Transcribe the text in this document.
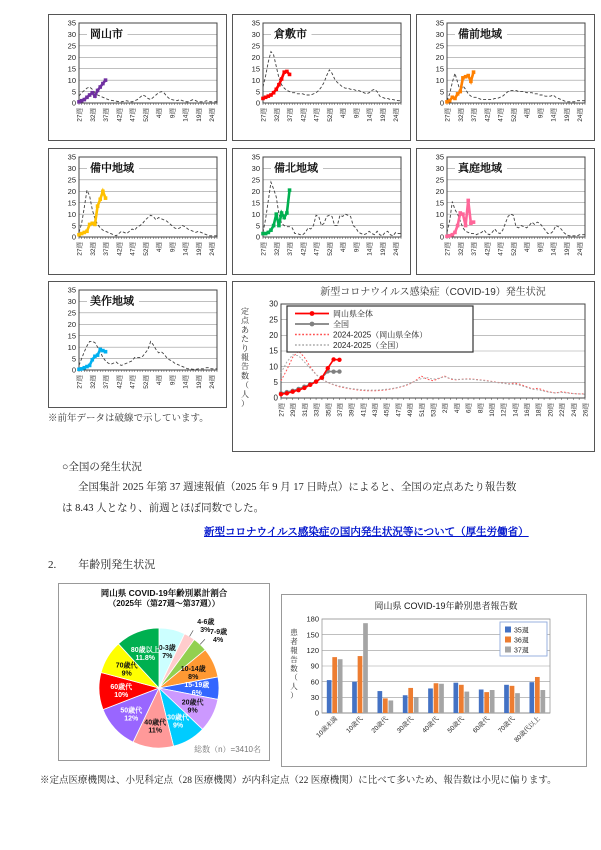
0
5
10
15
20
25
30
35
27週 32週 37週 42週 47週 52週 4週 9週 14週 19週 24週
岡山市
0
5
10
15
20
25
30
35
27週 32週 37週 42週 47週 52週 4週 9週 14週 19週 24週
倉敷市
0
5
10
15
20
25
30
35
27週 32週 37週 42週 47週 52週 4週 9週 14週 19週 24週
備前地域
0
5
10
15
20
25
30
35
27週 32週 37週 42週 47週 52週 4週 9週 14週 19週 24週
備中地域
0
5
10
15
20
25
30
35
27週 32週 37週 42週 47週 52週 4週 9週 14週 19週 24週
備北地域
0
5
10
15
20
25
30
35
27週 32週 37週 42週 47週 52週 4週 9週 14週 19週 24週
真庭地域
0
5
10
15
20
25
30
35
27週 32週 37週 42週 47週 52週 4週 9週 14週 19週 24週
美作地域
※前年データは破線で示しています。
0
5
10
15
20
25
30
27週 29週 31週 33週 35週 37週 39週 41週 43週 45週 47週 49週 51週 53週 2週 4週 6週 8週 10週 12週 14週 16週 18週 20週 22週 24週 26週
新型コロナウイルス感染症（COVID-19）発生状況
定
点
あ
た
り
報
告
数
（
人
）
岡山県全体
全国
2024-2025（岡山県全体）
2024-2025（全国）
○全国の発生状況
全国集計 2025 年第 37 週速報値（2025 年 9 月 17 日時点）によると、全国の定点あたり報告数
は 8.43 人となり、前週とほぼ同数でした。
新型コロナウイルス感染症の国内発生状況等について（厚生労働省）
2. 年齢別発生状況
岡山県 COVID-19年齢別累計割合
（2025年（第27週～第37週））
0-3歳
7%
4-6歳
3% 7-9歳
4%
10-14歳
8%
15-19歳
6%
20歳代
9%
30歳代
9%
40歳代
11%
50歳代
12%
60歳代
10%
70歳代
9%
80歳以上
11.8%
総数（n）=3410名
0
30
60
90
120
150
180
10歳未満 10歳代 20歳代 30歳代 40歳代 50歳代 60歳代 70歳代
80歳代以上
35週
36週
37週
岡山県 COVID-19年齢別患者報告数
患
者
報
告
数
（
人
）
※定点医療機関は、小児科定点（28 医療機関）が内科定点（22 医療機関）に比べて多いため、報告数は小児に偏ります。
